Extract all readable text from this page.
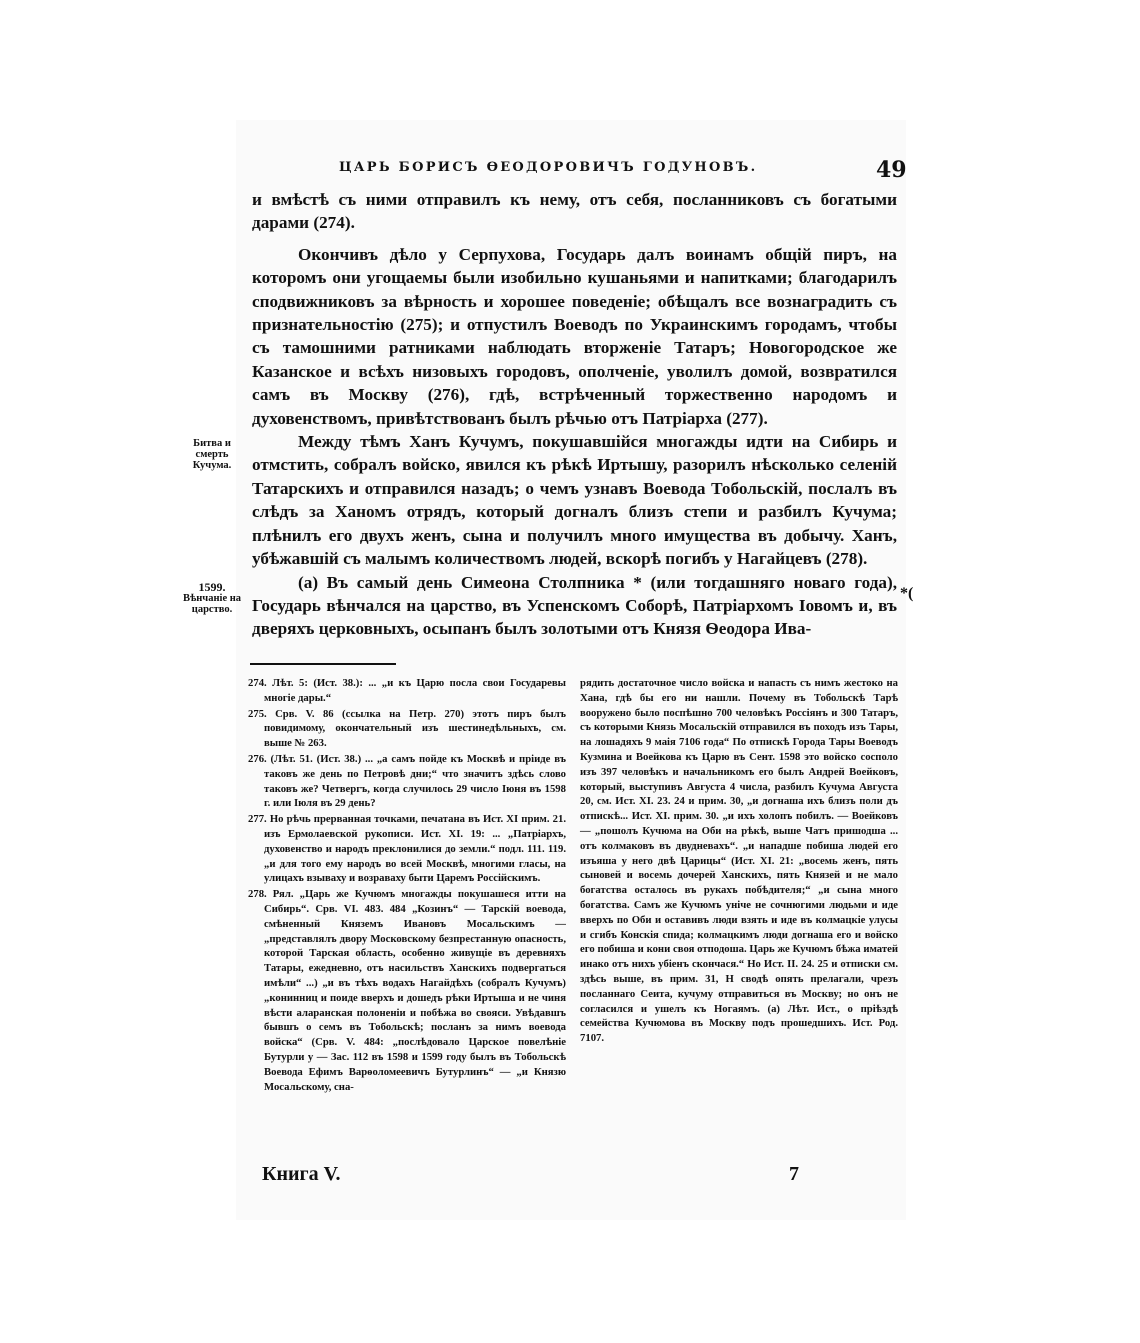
ЦАРЬ БОРИСЪ ѲЕОДОРОВИЧЪ ГОДУНОВЪ.	49

и вмѣстѣ съ ними отправилъ къ нему, отъ себя, посланниковъ съ богатыми дарами (274).

Окончивъ дѣло у Серпухова, Государь далъ воинамъ общій пиръ, на которомъ они угощаемы были изобильно кушаньями и напитками; благодарилъ сподвижниковъ за вѣрность и хорошее поведеніе; обѣщалъ все вознаградить съ признательностію (275); и отпустилъ Воеводъ по Украинскимъ городамъ, чтобы съ тамошними ратниками наблюдать вторженіе Татаръ; Новогородское же Казанское и всѣхъ низовыхъ городовъ, ополченіе, уволилъ домой, возвратился самъ въ Москву (276), гдѣ, встрѣченный торжественно народомъ и духовенствомъ, привѣтствованъ былъ рѣчью отъ Патріарха (277).

Между тѣмъ Ханъ Кучумъ, покушавшійся многажды идти на Сибирь и отмстить, собралъ войско, явился къ рѣкѣ Иртышу, разорилъ нѣсколько селеній Татарскихъ и отправился назадъ; о чемъ узнавъ Воевода Тобольскій, послалъ въ слѣдъ за Ханомъ отрядъ, который догналъ близъ степи и разбилъ Кучума; плѣнилъ его двухъ женъ, сына и получилъ много имущества въ добычу. Ханъ, убѣжавшій съ малымъ количествомъ людей, вскорѣ погибъ у Нагайцевъ (278).

(а) Въ самый день Симеона Столпника * (или тогдашняго новаго года), Государь вѣнчался на царство, въ Успенскомъ Соборѣ, Патріархомъ Іовомъ и, въ дверяхъ церковныхъ, осыпанъ былъ золотыми отъ Князя Ѳеодора Ива-

Битва и смерть Кучума.
1599.
Вѣнчаніе на царство.
*(

274. Лѣт. 5: (Ист. 38.): ... „и къ Царю посла свои Государевы многіе дары.“

275. Срв. V. 86 (ссылка на Петр. 270) этотъ пиръ былъ повидимому, окончательный изъ шестинедѣльныхъ, см. выше № 263.

276. (Лѣт. 51. (Ист. 38.) ... „а самъ пойде къ Москвѣ и пріиде въ таковъ же день по Петровѣ дни;“ что значитъ здѣсь слово таковъ же? Четвергъ, когда случилось 29 число Іюня въ 1598 г. или Іюля въ 29 день?

277. Но рѣчь прерванная точками, печатана въ Ист. XI прим. 21. изъ Ермолаевской рукописи. Ист. XI. 19: ... „Патріархъ, духовенство и народъ преклонилися до земли.“ подл. 111. 119. „и для того ему народъ во всей Москвѣ, многими гласы, на улицахъ взываху и возраваху быти Царемъ Россійскимъ.

278. Рял. „Царь же Кучюмъ многажды покушашеся итти на Сибирь“. Срв. VI. 483. 484 „Козинъ“ — Тарскій воевода, смѣненный Княземъ Ивановъ Мосальскимъ — „представлялъ двору Московскому безпрестанную опасность, которой Тарская область, особенно живущіе въ деревняхъ Татары, ежедневно, отъ насильствъ Ханскихъ подвергаться имѣли“ ...) „и въ тѣхъ водахъ Нагайдѣхъ (собралъ Кучумъ) „конинниц и поиде вверхъ и дошедъ рѣки Иртыша и не чиня вѣсти аларанская полоненіи и побѣжа во свояси. Увѣдавшъ бывшъ о семъ въ Тобольскѣ; посланъ за нимъ воевода войска“ (Срв. V. 484: „послѣдовало Царское повелѣніе Бутурли у — Зас. 112 въ 1598 и 1599 году былъ въ Тобольскѣ Воевода Ефимъ Варѳоломеевичъ Бутурлинъ“ — „и Князю Мосальскому, сна-

рядить достаточное число войска и напасть съ нимъ жестоко на Хана, гдѣ бы его ни нашли. Почему въ Тобольскѣ Тарѣ вооружено было поспѣшно 700 человѣкъ Россіянъ и 300 Татаръ, съ которыми Князь Мосальскій отправился въ походъ изъ Тары, на лошадяхъ 9 маія 7106 года“ По отпискѣ Города Тары Воеводъ Кузмина и Воейкова къ Царю въ Сент. 1598 это войско сосполо изъ 397 человѣкъ и начальникомъ его былъ Андрей Воейковъ, который, выступивъ Августа 4 числа, разбилъ Кучума Августа 20, см. Ист. XI. 23. 24 и прим. 30, „и догнаша ихъ близъ поли дъ отпискѣ... Ист. XI. прим. 30. „и ихъ холопъ побилъ. — Воейковъ — „пошолъ Кучюма на Оби на рѣкѣ, выше Чатъ пришодша ... отъ колмаковъ въ двудневахъ“. „и нападше побиша людей его изъяша у него двѣ Царицы“ (Ист. XI. 21: „восемь женъ, пять сыновей и восемь дочерей Ханскихъ, пять Князей и не мало богатства осталось въ рукахъ побѣдителя;“ „и сына много богатства. Самъ же Кучюмъ уніче не сочнюгими людьми и иде вверхъ по Оби и оставивъ люди взять и иде въ колмацкіе улусы и сгибъ Конскія спида; колмацкимъ люди догнаша его и войско его побиша и кони своя отподоша. Царь же Кучюмъ бѣжа иматей инако отъ нихъ убіенъ скончася.“ Но Ист. II. 24. 25 и отписки см. здѣсь выше, въ прим. 31, Н сводѣ опять прелагали, чрезъ посланнаго Сеита, кучуму отправиться въ Москву; но онъ не согласился и ушелъ къ Ногаямъ. (а) Лѣт. Ист., о пріѣздѣ семейства Кучюмова въ Москву подъ прошедшихъ. Ист. Род. 7107.

Книга V.	7
